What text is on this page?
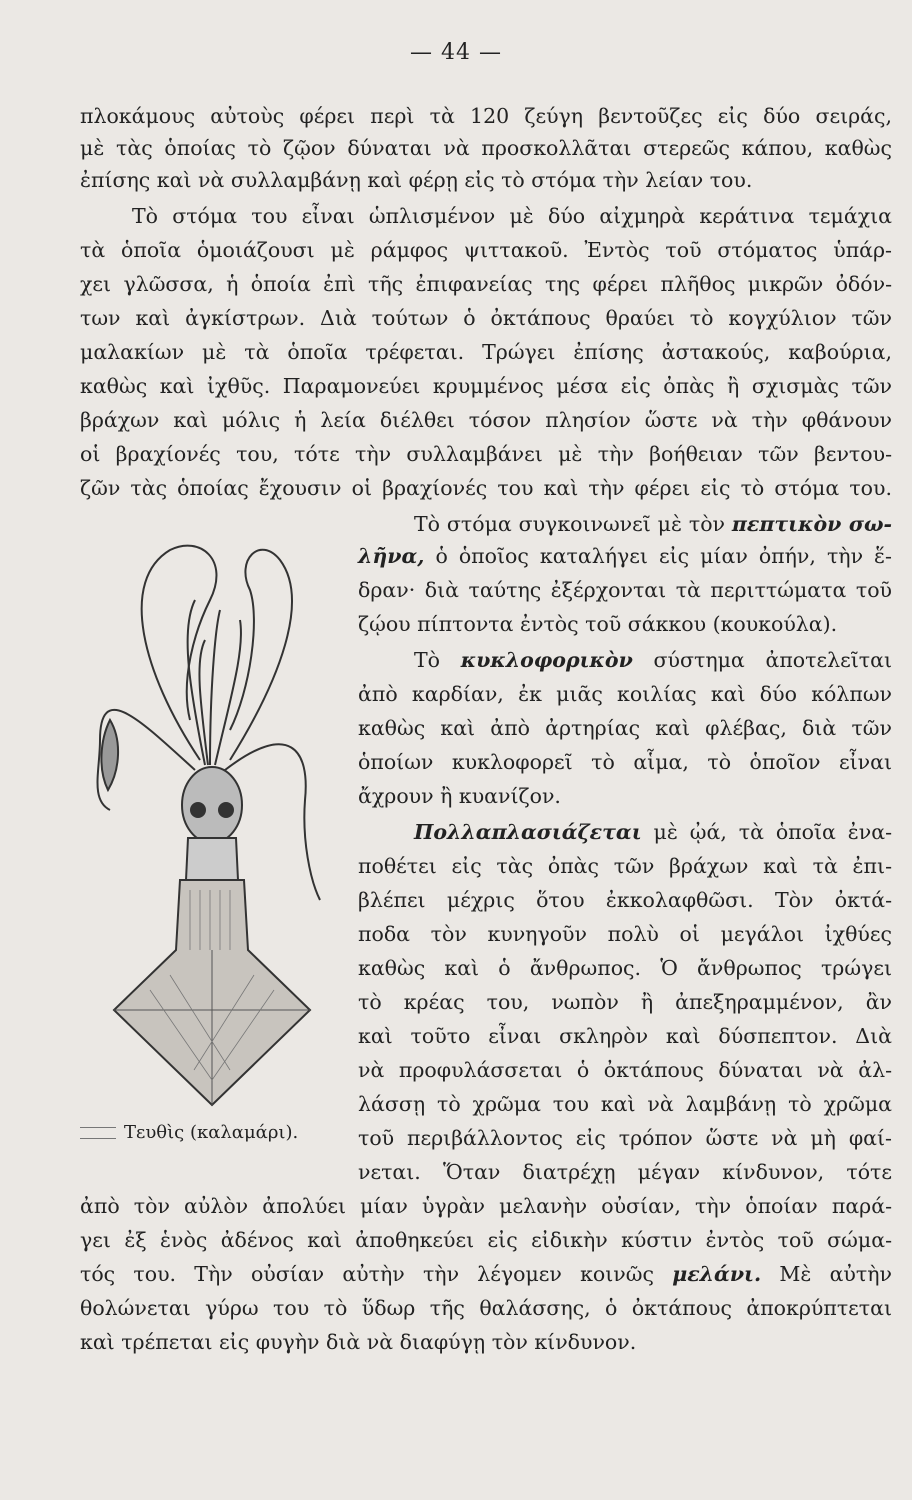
— 44 —
πλοκάμους αὐτοὺς φέρει περὶ τὰ 120 ζεύγη βεντοῦζες εἰς δύο σειράς,
μὲ τὰς ὁποίας τὸ ζῷον δύναται νὰ προσκολλᾶται στερεῶς κάπου, καθὼς
ἐπίσης καὶ νὰ συλλαμβάνῃ καὶ φέρῃ εἰς τὸ στόμα τὴν λείαν του.
Τὸ στόμα του εἶναι ὡπλισμένον μὲ δύο αἰχμηρὰ κεράτινα τεμάχια
τὰ ὁποῖα ὁμοιάζουσι μὲ ράμφος ψιττακοῦ. Ἐντὸς τοῦ στόματος ὑπάρ-
χει γλῶσσα, ἡ ὁποία ἐπὶ τῆς ἐπιφανείας της φέρει πλῆθος μικρῶν ὀδόν-
των καὶ ἀγκίστρων. Διὰ τούτων ὁ ὀκτάπους θραύει τὸ κογχύλιον τῶν
μαλακίων μὲ τὰ ὁποῖα τρέφεται. Τρώγει ἐπίσης ἀστακούς, καβούρια,
καθὼς καὶ ἰχθῦς. Παραμονεύει κρυμμένος μέσα εἰς ὀπὰς ἢ σχισμὰς τῶν
βράχων καὶ μόλις ἡ λεία διέλθει τόσον πλησίον ὥστε νὰ τὴν φθάνουν
οἱ βραχίονές του, τότε τὴν συλλαμβάνει μὲ τὴν βοήθειαν τῶν βεντου-
ζῶν τὰς ὁποίας ἔχουσιν οἱ βραχίονές του καὶ τὴν φέρει εἰς τὸ στόμα του.
Τὸ στόμα συγκοινωνεῖ μὲ τὸν πεπτικὸν σω-
λῆνα, ὁ ὁποῖος καταλήγει εἰς μίαν ὀπήν, τὴν ἕ-
δραν· διὰ ταύτης ἐξέρχονται τὰ περιττώματα τοῦ
ζῴου πίπτοντα ἐντὸς τοῦ σάκκου (κουκούλα).
Τὸ κυκλοφορικὸν σύστημα ἀποτελεῖται
ἀπὸ καρδίαν, ἐκ μιᾶς κοιλίας καὶ δύο κόλπων
καθὼς καὶ ἀπὸ ἀρτηρίας καὶ φλέβας, διὰ τῶν
ὁποίων κυκλοφορεῖ τὸ αἷμα, τὸ ὁποῖον εἶναι
ἄχρουν ἢ κυανίζον.
Πολλαπλασιάζεται μὲ ᾠά, τὰ ὁποῖα ἐνα-
ποθέτει εἰς τὰς ὀπὰς τῶν βράχων καὶ τὰ ἐπι-
βλέπει μέχρις ὅτου ἐκκολαφθῶσι. Τὸν ὀκτά-
ποδα τὸν κυνηγοῦν πολὺ οἱ μεγάλοι ἰχθύες
καθὼς καὶ ὁ ἄνθρωπος. Ὁ ἄνθρωπος τρώγει
τὸ κρέας του, νωπὸν ἢ ἀπεξηραμμένον, ἂν
καὶ τοῦτο εἶναι σκληρὸν καὶ δύσπεπτον. Διὰ
νὰ προφυλάσσεται ὁ ὀκτάπους δύναται νὰ ἀλ-
λάσσῃ τὸ χρῶμα του καὶ νὰ λαμβάνῃ τὸ χρῶμα
τοῦ περιβάλλοντος εἰς τρόπον ὥστε νὰ μὴ φαί-
νεται. Ὅταν διατρέχῃ μέγαν κίνδυνον, τότε
ἀπὸ τὸν αὐλὸν ἀπολύει μίαν ὑγρὰν μελανὴν οὐσίαν, τὴν ὁποίαν παρά-
γει ἐξ ἑνὸς ἀδένος καὶ ἀποθηκεύει εἰς εἰδικὴν κύστιν ἐντὸς τοῦ σώμα-
τός του. Τὴν οὐσίαν αὐτὴν τὴν λέγομεν κοινῶς μελάνι. Μὲ αὐτὴν
θολώνεται γύρω του τὸ ὕδωρ τῆς θαλάσσης, ὁ ὀκτάπους ἀποκρύπτεται
καὶ τρέπεται εἰς φυγὴν διὰ νὰ διαφύγῃ τὸν κίνδυνον.
Τευθὶς (καλαμάρι).
